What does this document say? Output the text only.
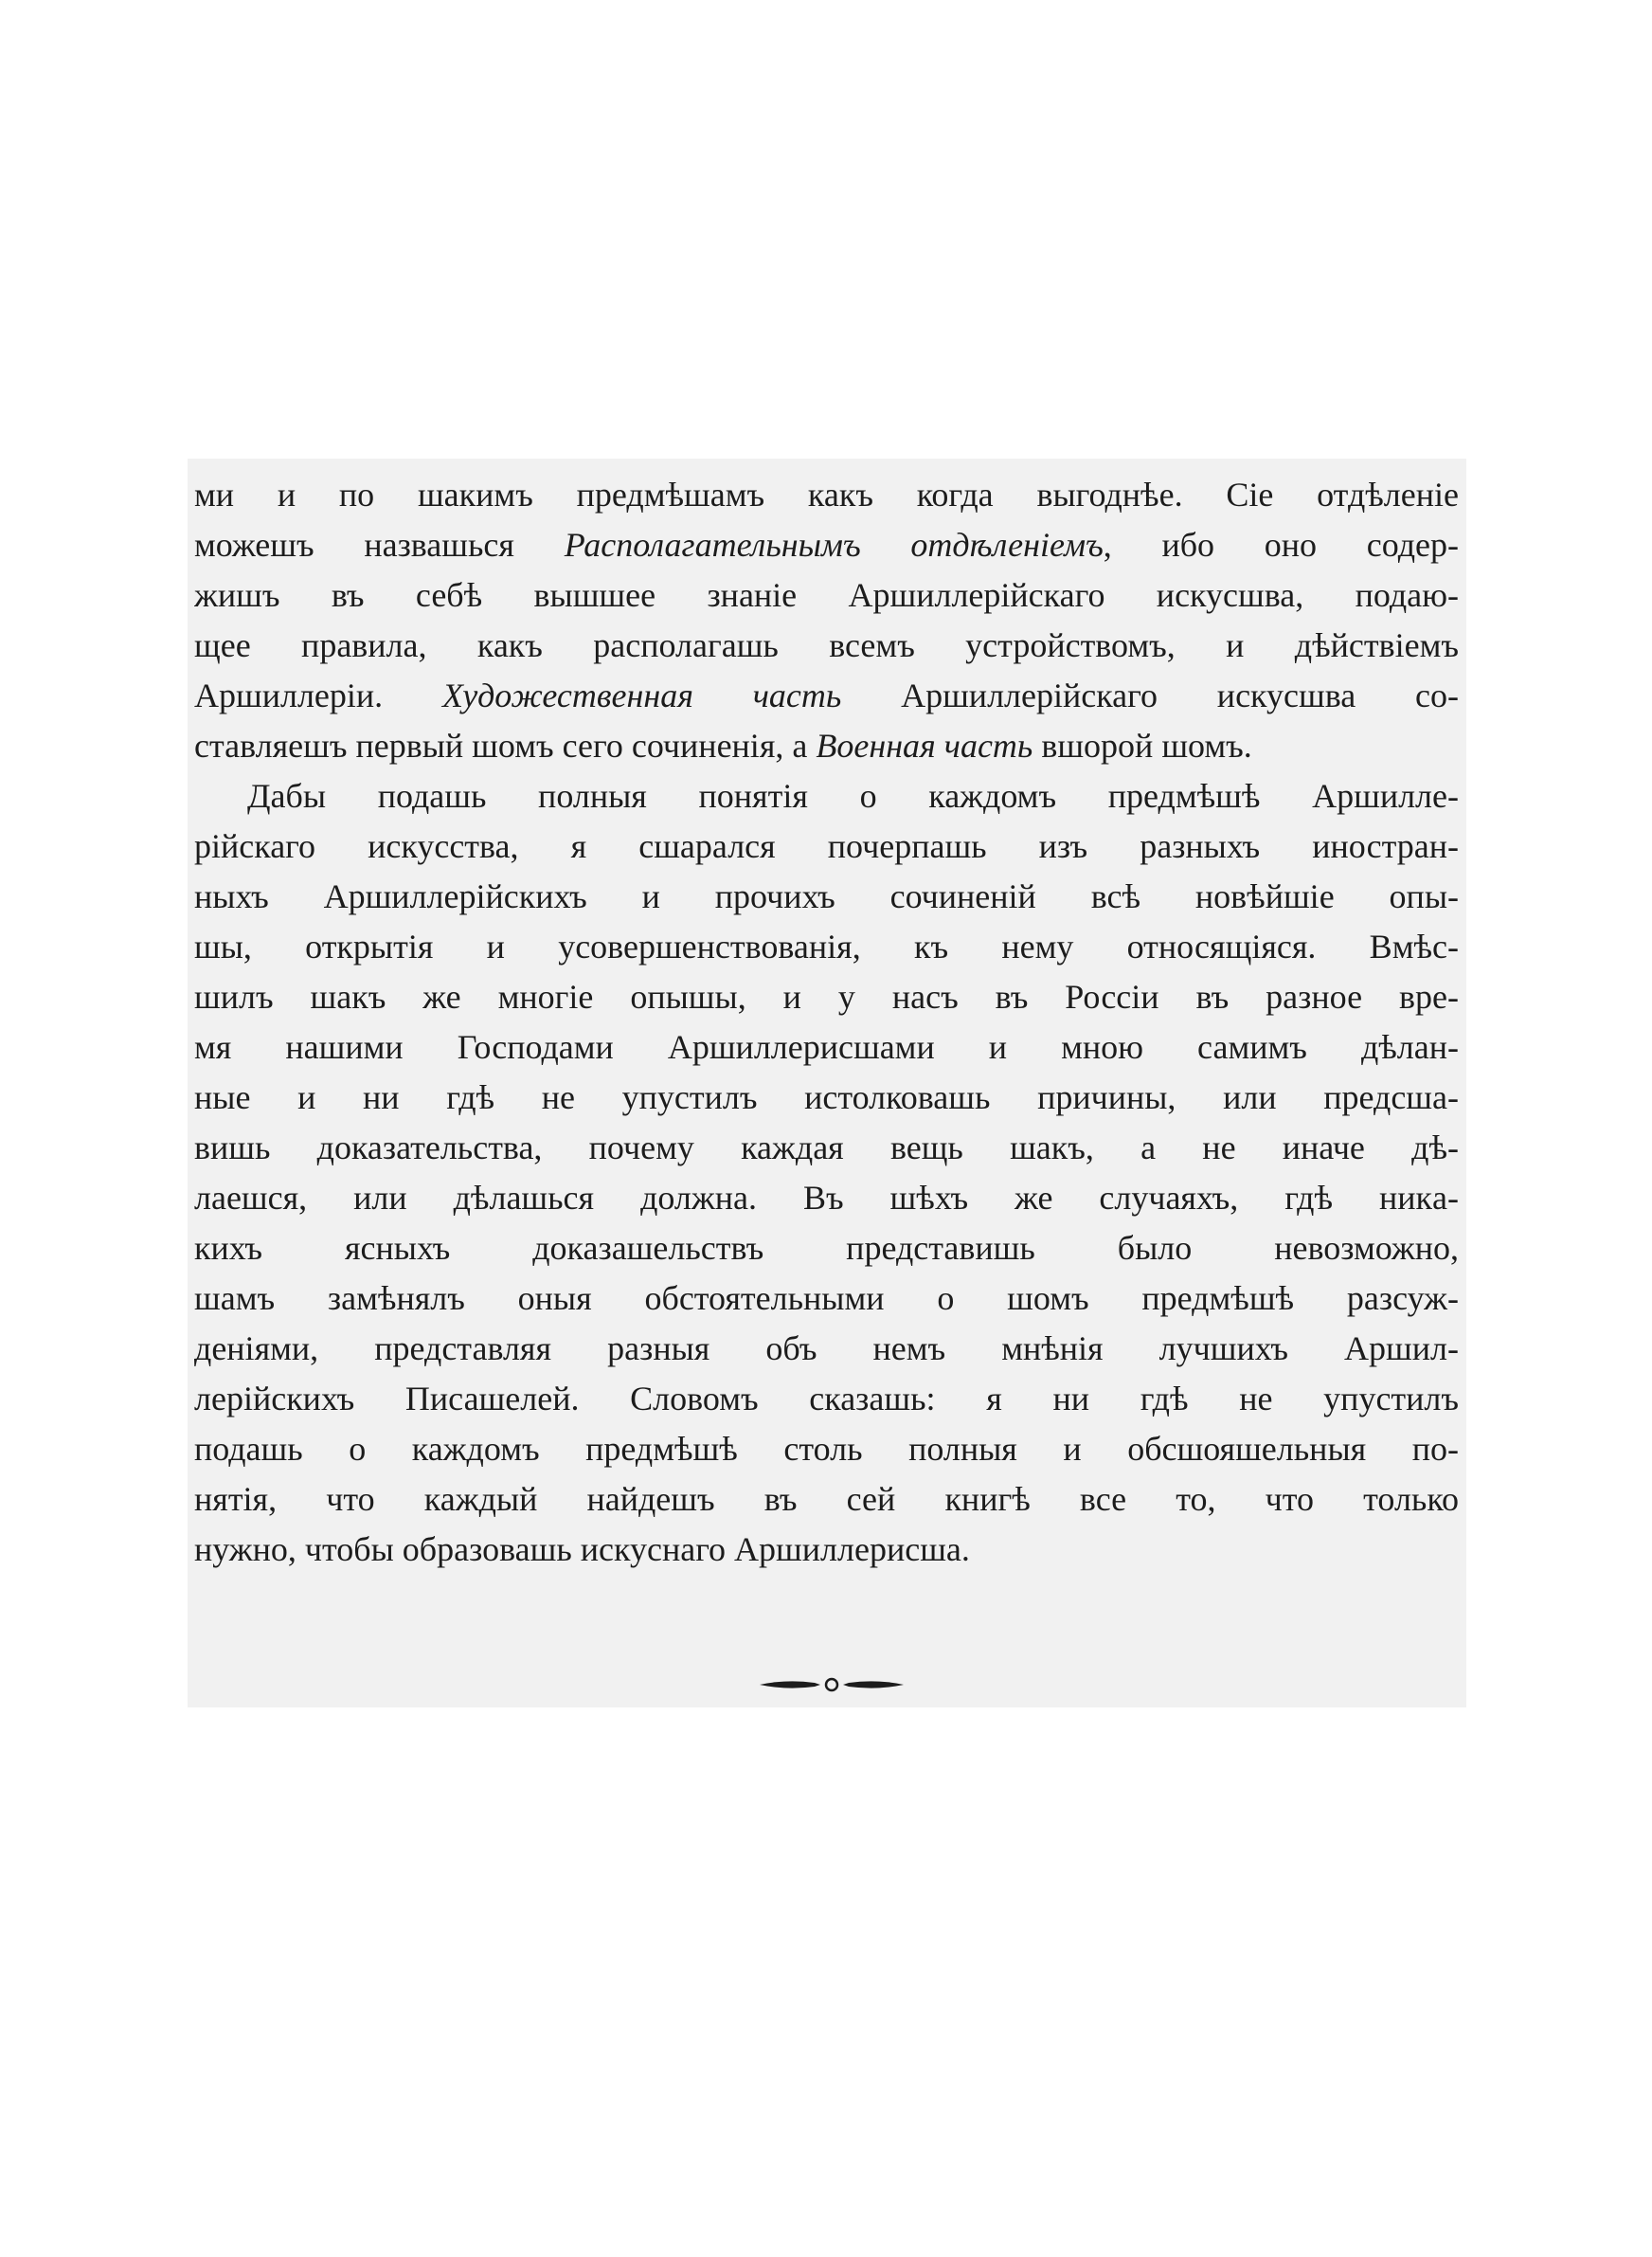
ми и по шакимъ предмѣшамъ какъ когда выгоднѣе. Сіе отдѣленіе
можешъ назвашься Располагательнымъ отдѣленіемъ, ибо оно содер-
жишъ въ себѣ вышшее знаніе Аршиллерійскаго искусшва, подаю-
щее правила, какъ располагашь всемъ устройствомъ, и дѣйствіемъ
Аршиллеріи. Художественная часть Аршиллерійскаго искусшва со-
ставляешъ первый шомъ сего сочиненія, а Военная часть вшорой шомъ.
Дабы подашь полныя понятія о каждомъ предмѣшѣ Аршилле-
рійскаго искусства, я сшарался почерпашь изъ разныхъ иностран-
ныхъ Аршиллерійскихъ и прочихъ сочиненій всѣ новѣйшіе опы-
шы, открытія и усовершенствованія, къ нему относящіяся. Вмѣс-
шилъ шакъ же многіе опышы, и у насъ въ Россіи въ разное вре-
мя нашими Господами Аршиллерисшами и мною самимъ дѣлан-
ные и ни гдѣ не упустилъ истолковашь причины, или предсша-
вишь доказательства, почему каждая вещь шакъ, а не иначе дѣ-
лаешся, или дѣлашься должна. Въ шѣхъ же случаяхъ, гдѣ никa-
кихъ ясныхъ доказашельствъ представишь было невозможно,
шамъ замѣнялъ оныя обстоятельными о шомъ предмѣшѣ разсуж-
деніями, представляя разныя объ немъ мнѣнія лучшихъ Аршил-
лерійскихъ Писашелей. Словомъ сказашь: я ни гдѣ не упустилъ
подашь о каждомъ предмѣшѣ столь полныя и обсшояшельныя по-
нятія, что каждый найдешъ въ сей книгѣ все то, что только
нужно, чтобы образовашь искуснаго Аршиллерисша.
